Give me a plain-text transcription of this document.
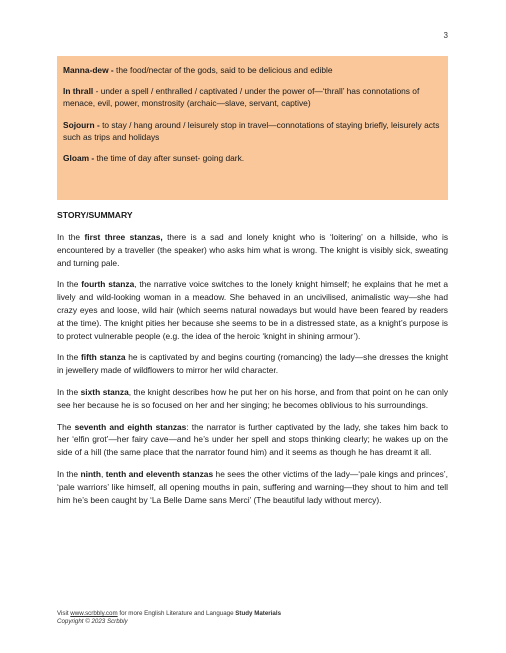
3

Manna-dew - the food/nectar of the gods, said to be delicious and edible

In thrall - under a spell / enthralled / captivated / under the power of—‘thrall’ has connotations of menace, evil, power, monstrosity (archaic—slave, servant, captive)

Sojourn - to stay / hang around / leisurely stop in travel—connotations of staying briefly, leisurely acts such as trips and holidays

Gloam - the time of day after sunset- going dark.

STORY/SUMMARY

In the first three stanzas, there is a sad and lonely knight who is ‘loitering’ on a hillside, who is encountered by a traveller (the speaker) who asks him what is wrong. The knight is visibly sick, sweating and turning pale.

In the fourth stanza, the narrative voice switches to the lonely knight himself; he explains that he met a lively and wild-looking woman in a meadow. She behaved in an uncivilised, animalistic way—she had crazy eyes and loose, wild hair (which seems natural nowadays but would have been feared by readers at the time). The knight pities her because she seems to be in a distressed state, as a knight’s purpose is to protect vulnerable people (e.g. the idea of the heroic ‘knight in shining armour’).

In the fifth stanza he is captivated by and begins courting (romancing) the lady—she dresses the knight in jewellery made of wildflowers to mirror her wild character.

In the sixth stanza, the knight describes how he put her on his horse, and from that point on he can only see her because he is so focused on her and her singing; he becomes oblivious to his surroundings.

The seventh and eighth stanzas: the narrator is further captivated by the lady, she takes him back to her ‘elfin grot’—her fairy cave—and he’s under her spell and stops thinking clearly; he wakes up on the side of a hill (the same place that the narrator found him) and it seems as though he has dreamt it all.

In the ninth, tenth and eleventh stanzas he sees the other victims of the lady—‘pale kings and princes’, ‘pale warriors’ like himself, all opening mouths in pain, suffering and warning—they shout to him and tell him he’s been caught by ‘La Belle Dame sans Merci’ (The beautiful lady without mercy).

Visit www.scrbbly.com for more English Literature and Language Study Materials
Copyright © 2023 Scrbbly
